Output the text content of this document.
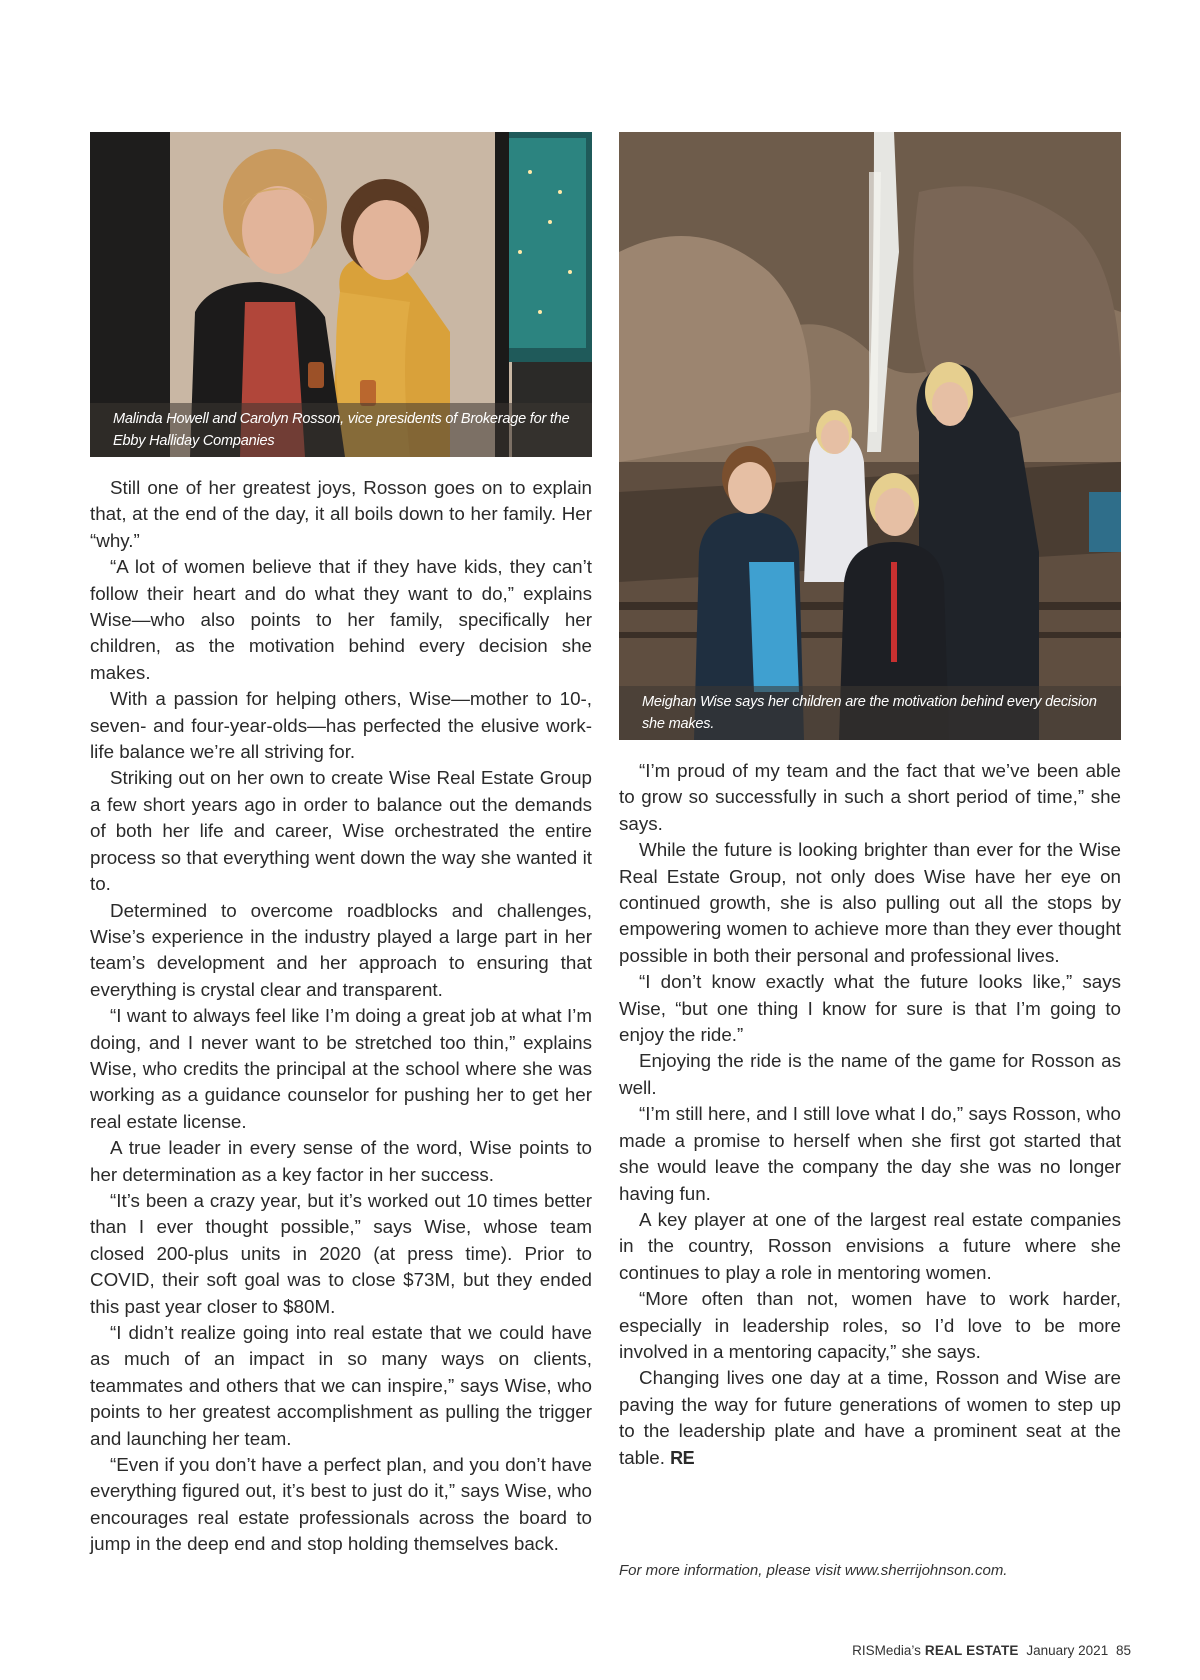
Malinda Howell and Carolyn Rosson, vice presidents of Brokerage for the Ebby Halliday Companies

Still one of her greatest joys, Rosson goes on to explain that, at the end of the day, it all boils down to her family. Her “why.”

“A lot of women believe that if they have kids, they can’t follow their heart and do what they want to do,” explains Wise—who also points to her family, specifically her children, as the motivation behind every decision she makes.

With a passion for helping others, Wise—mother to 10-, seven- and four-year-olds—has perfected the elusive work-life balance we’re all striving for.

Striking out on her own to create Wise Real Estate Group a few short years ago in order to balance out the demands of both her life and career, Wise orchestrated the entire process so that everything went down the way she wanted it to.

Determined to overcome roadblocks and challenges, Wise’s experience in the industry played a large part in her team’s development and her approach to ensuring that everything is crystal clear and transparent.

“I want to always feel like I’m doing a great job at what I’m doing, and I never want to be stretched too thin,” explains Wise, who credits the principal at the school where she was working as a guidance counselor for pushing her to get her real estate license.

A true leader in every sense of the word, Wise points to her determination as a key factor in her success.

“It’s been a crazy year, but it’s worked out 10 times better than I ever thought possible,” says Wise, whose team closed 200-plus units in 2020 (at press time). Prior to COVID, their soft goal was to close $73M, but they ended this past year closer to $80M.

“I didn’t realize going into real estate that we could have as much of an impact in so many ways on clients, teammates and others that we can inspire,” says Wise, who points to her greatest accomplishment as pulling the trigger and launching her team.

“Even if you don’t have a perfect plan, and you don’t have everything figured out, it’s best to just do it,” says Wise, who encourages real estate professionals across the board to jump in the deep end and stop holding themselves back.

Meighan Wise says her children are the motivation behind every decision she makes.

“I’m proud of my team and the fact that we’ve been able to grow so successfully in such a short period of time,” she says.

While the future is looking brighter than ever for the Wise Real Estate Group, not only does Wise have her eye on continued growth, she is also pulling out all the stops by empowering women to achieve more than they ever thought possible in both their personal and professional lives.

“I don’t know exactly what the future looks like,” says Wise, “but one thing I know for sure is that I’m going to enjoy the ride.”

Enjoying the ride is the name of the game for Rosson as well.

“I’m still here, and I still love what I do,” says Rosson, who made a promise to herself when she first got started that she would leave the company the day she was no longer having fun.

A key player at one of the largest real estate companies in the country, Rosson envisions a future where she continues to play a role in mentoring women.

“More often than not, women have to work harder, especially in leadership roles, so I’d love to be more involved in a mentoring capacity,” she says.

Changing lives one day at a time, Rosson and Wise are paving the way for future generations of women to step up to the leadership plate and have a prominent seat at the table. RE

For more information, please visit www.sherrijohnson.com.
RISMedia’s REAL ESTATE January 2021 85
